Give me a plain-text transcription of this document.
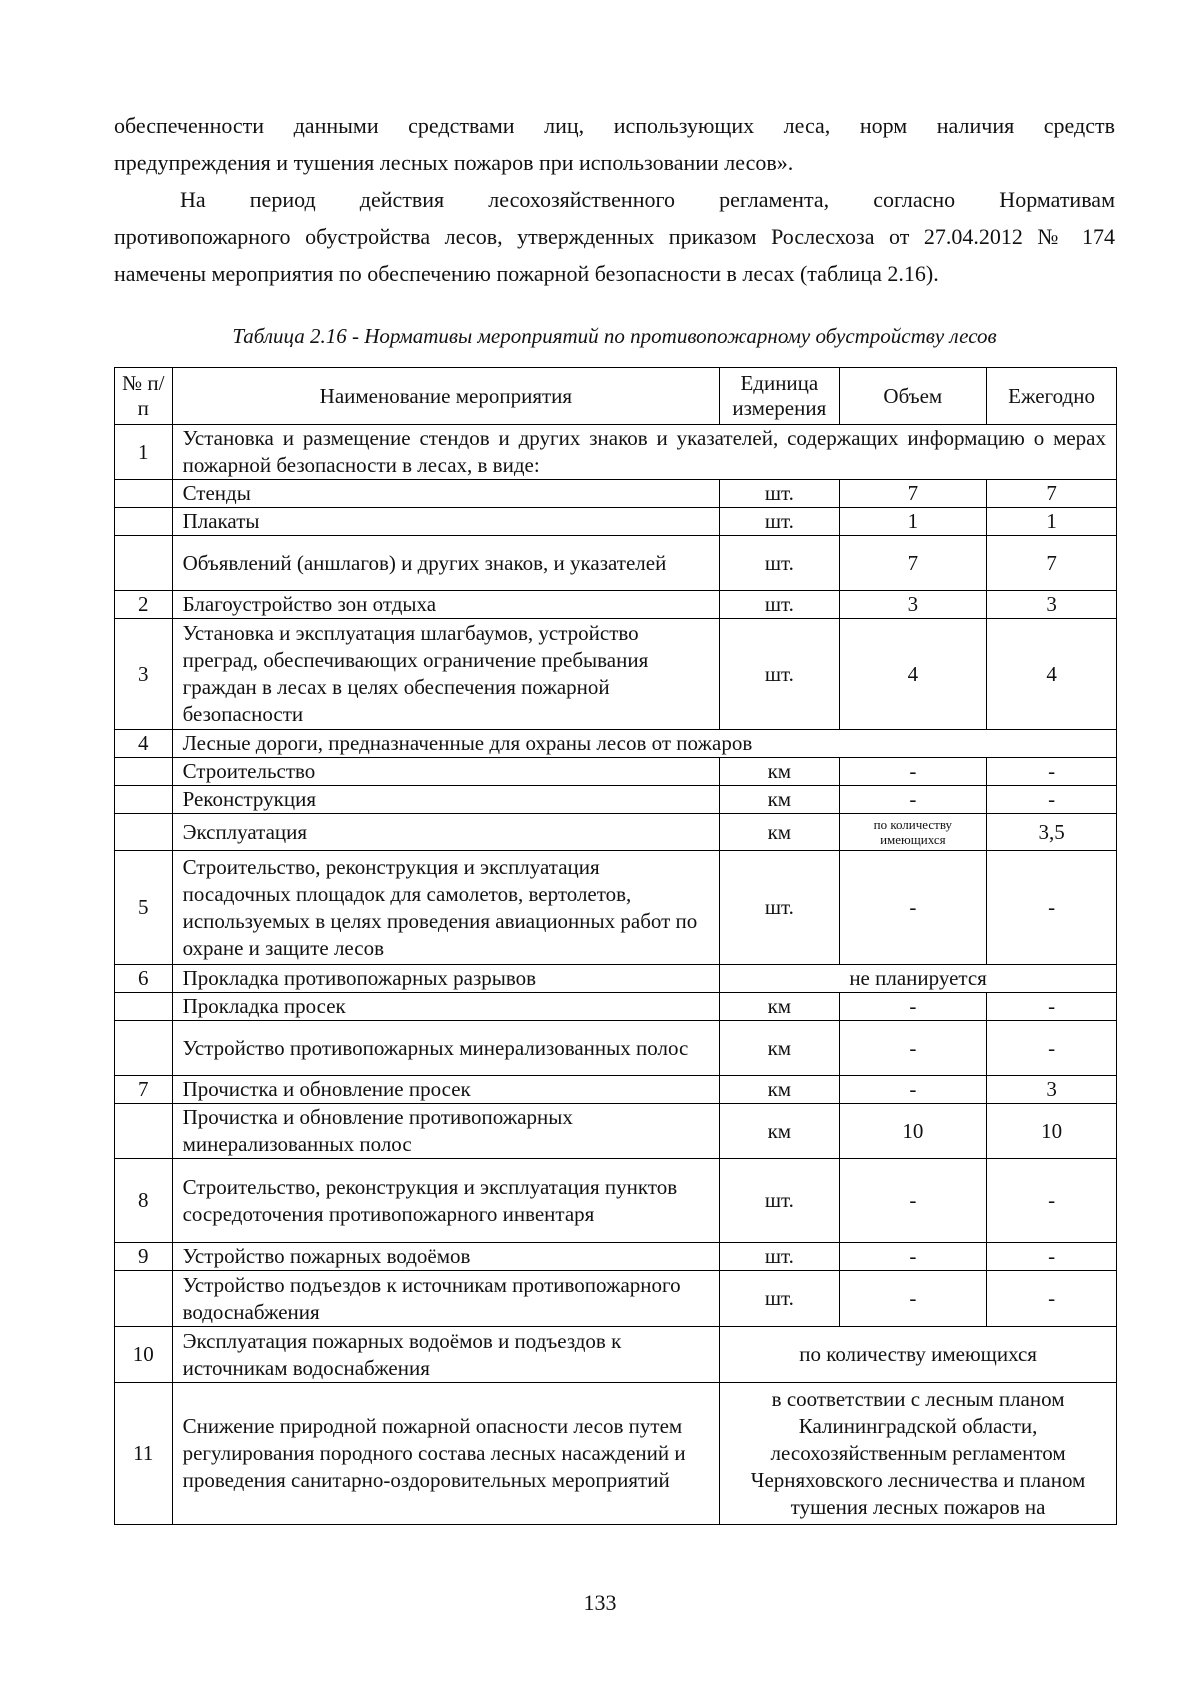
обеспеченности данными средствами лиц, использующих леса, норм наличия средств

предупреждения и тушения лесных пожаров при использовании лесов».

На период действия лесохозяйственного регламента, согласно Нормативам

противопожарного обустройства лесов, утвержденных приказом Рослесхоза от 27.04.2012 № 174

намечены мероприятия по обеспечению пожарной безопасности в лесах (таблица 2.16).

Таблица 2.16 - Нормативы мероприятий по противопожарному обустройству лесов

№ п/п	Наименование мероприятия	Единица измерения	Объем	Ежегодно
1	Установка и размещение стендов и других знаков и указателей, содержащих информацию о мерах пожарной безопасности в лесах, в виде:			
	Стенды	шт.	7	7
	Плакаты	шт.	1	1
	Объявлений (аншлагов) и других знаков, и указателей	шт.	7	7
2	Благоустройство зон отдыха	шт.	3	3
3	Установка и эксплуатация шлагбаумов, устройство преград, обеспечивающих ограничение пребывания граждан в лесах в целях обеспечения пожарной безопасности	шт.	4	4
4	Лесные дороги, предназначенные для охраны лесов от пожаров			
	Строительство	км	-	-
	Реконструкция	км	-	-
	Эксплуатация	км	по количеству имеющихся	3,5
5	Строительство, реконструкция и эксплуатация посадочных площадок для самолетов, вертолетов, используемых в целях проведения авиационных работ по охране и защите лесов	шт.	-	-
6	Прокладка противопожарных разрывов	не планируется		
	Прокладка просек	км	-	-
	Устройство противопожарных минерализованных полос	км	-	-
7	Прочистка и обновление просек	км	-	3
	Прочистка и обновление противопожарных минерализованных полос	км	10	10
8	Строительство, реконструкция и эксплуатация пунктов сосредоточения противопожарного инвентаря	шт.	-	-
9	Устройство пожарных водоёмов	шт.	-	-
	Устройство подъездов к источникам противопожарного водоснабжения	шт.	-	-
10	Эксплуатация пожарных водоёмов и подъездов к источникам водоснабжения	по количеству имеющихся		
11	Снижение природной пожарной опасности лесов путем регулирования породного состава лесных насаждений и проведения санитарно-оздоровительных мероприятий	в соответствии с лесным планом Калининградской области, лесохозяйственным регламентом Черняховского лесничества и планом тушения лесных пожаров на		

133
